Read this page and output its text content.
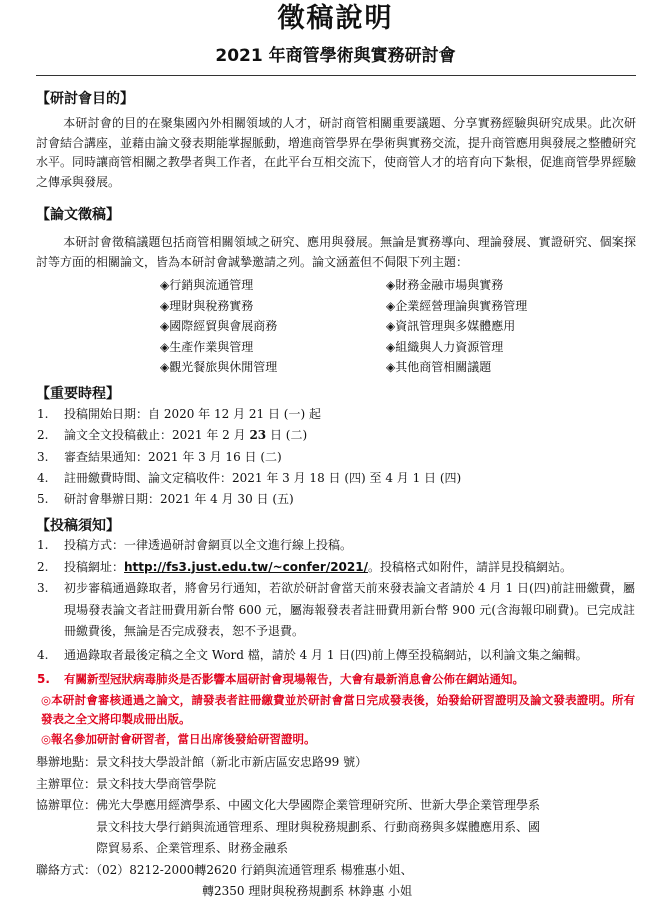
徵稿說明
2021 年商管學術與實務研討會
【研討會目的】
本研討會的目的在聚集國內外相關領域的人才，研討商管相關重要議題、分享實務經驗與研究成果。此次研討會結合講座，並藉由論文發表期能掌握脈動，增進商管學界在學術與實務交流，提升商管應用與發展之整體研究水平。同時讓商管相關之教學者與工作者，在此平台互相交流下，使商管人才的培育向下紮根，促進商管學界經驗之傳承與發展。
【論文徵稿】
本研討會徵稿議題包括商管相關領域之研究、應用與發展。無論是實務導向、理論發展、實證研究、個案探討等方面的相關論文，皆為本研討會誠摯邀請之列。論文涵蓋但不侷限下列主題：
◈行銷與流通管理	◈財務金融市場與實務
◈理財與稅務實務	◈企業經營理論與實務管理
◈國際經貿與會展商務	◈資訊管理與多媒體應用
◈生產作業與管理	◈組織與人力資源管理
◈觀光餐旅與休閒管理	◈其他商管相關議題
【重要時程】
1. 投稿開始日期：自 2020 年 12 月 21 日 (一) 起
2. 論文全文投稿截止：2021 年 2 月 23 日 (二)
3. 審查結果通知：2021 年 3 月 16 日 (二)
4. 註冊繳費時間、論文定稿收件：2021 年 3 月 18 日 (四) 至 4 月 1 日 (四)
5. 研討會舉辦日期：2021 年 4 月 30 日 (五)
【投稿須知】
1. 投稿方式：一律透過研討會網頁以全文進行線上投稿。
2. 投稿網址：http://fs3.just.edu.tw/~confer/2021/。投稿格式如附件，請詳見投稿網站。
3.	初步審稿通過錄取者，將會另行通知，若欲於研討會當天前來發表論文者請於 4 月 1 日(四)前註冊繳費，屬現場發表論文者註冊費用新台幣 600 元，屬海報發表者註冊費用新台幣 900 元(含海報印刷費)。已完成註冊繳費後，無論是否完成發表，恕不予退費。
4.	通過錄取者最後定稿之全文 Word 檔，請於 4 月 1 日(四)前上傳至投稿網站，以利論文集之編輯。
5.	有關新型冠狀病毒肺炎是否影響本屆研討會現場報告，大會有最新消息會公佈在網站通知。
◎本研討會審核通過之論文，請發表者註冊繳費並於研討會當日完成發表後，始發給研習證明及論文發表證明。所有發表之全文將印製成冊出版。
◎報名參加研討會研習者，當日出席後發給研習證明。
舉辦地點：景文科技大學設計館（新北市新店區安忠路99 號）
主辦單位：景文科技大學商管學院
協辦單位： 佛光大學應用經濟學系、中國文化大學國際企業管理研究所、世新大學企業管理學系
景文科技大學行銷與流通管理系、理財與稅務規劃系、行動商務與多媒體應用系、國
際貿易系、企業管理系、財務金融系
聯絡方式：（02）8212-2000轉2620 行銷與流通管理系 楊雅惠小姐、
轉2350 理財與稅務規劃系 林錚惠 小姐
